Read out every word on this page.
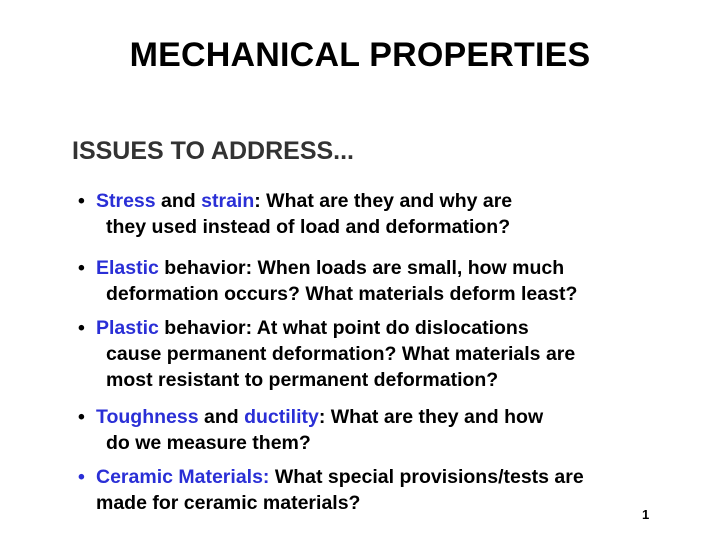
MECHANICAL PROPERTIES
ISSUES TO ADDRESS...
• Stress and strain: What are they and why are
they used instead of load and deformation?
• Elastic behavior: When loads are small, how much
deformation occurs? What materials deform least?
• Plastic behavior: At what point do dislocations
cause permanent deformation? What materials are
most resistant to permanent deformation?
• Toughness and ductility: What are they and how
do we measure them?
• Ceramic Materials: What special provisions/tests are
made for ceramic materials?
1
